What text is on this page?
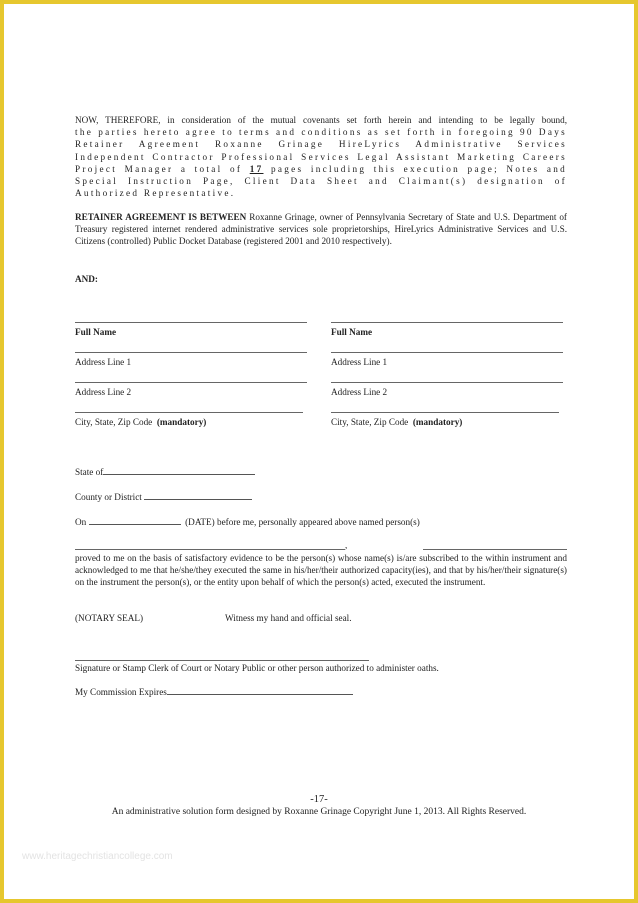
NOW, THEREFORE, in consideration of the mutual covenants set forth herein and intending to be legally bound,
the parties hereto agree to terms and conditions as set forth in foregoing 90 Days
Retainer Agreement Roxanne Grinage HireLyrics Administrative Services
Independent Contractor Professional Services Legal Assistant Marketing Careers
Project Manager a total of 17 pages including this execution page; Notes and
Special Instruction Page, Client Data Sheet and Claimant(s) designation of
Authorized Representative.
RETAINER AGREEMENT IS BETWEEN Roxanne Grinage, owner of Pennsylvania Secretary of State and U.S. Department of Treasury registered internet rendered administrative services sole proprietorships, HireLyrics Administrative Services and U.S. Citizens (controlled) Public Docket Database (registered 2001 and 2010 respectively).
AND:
Full Name
Address Line 1
Address Line 2
City, State, Zip Code (mandatory)
Full Name
Address Line 1
Address Line 2
City, State, Zip Code (mandatory)
State of
County or District
On	(DATE) before me, personally appeared above named person(s)
,
proved to me on the basis of satisfactory evidence to be the person(s) whose name(s) is/are subscribed to the within instrument and acknowledged to me that he/she/they executed the same in his/her/their authorized capacity(ies), and that by his/her/their signature(s) on the instrument the person(s), or the entity upon behalf of which the person(s) acted, executed the instrument.
(NOTARY SEAL)	Witness my hand and official seal.
Signature or Stamp Clerk of Court or Notary Public or other person authorized to administer oaths.
My Commission Expires
-17-
An administrative solution form designed by Roxanne Grinage Copyright June 1, 2013. All Rights Reserved.
www.heritagechristiancollege.com
